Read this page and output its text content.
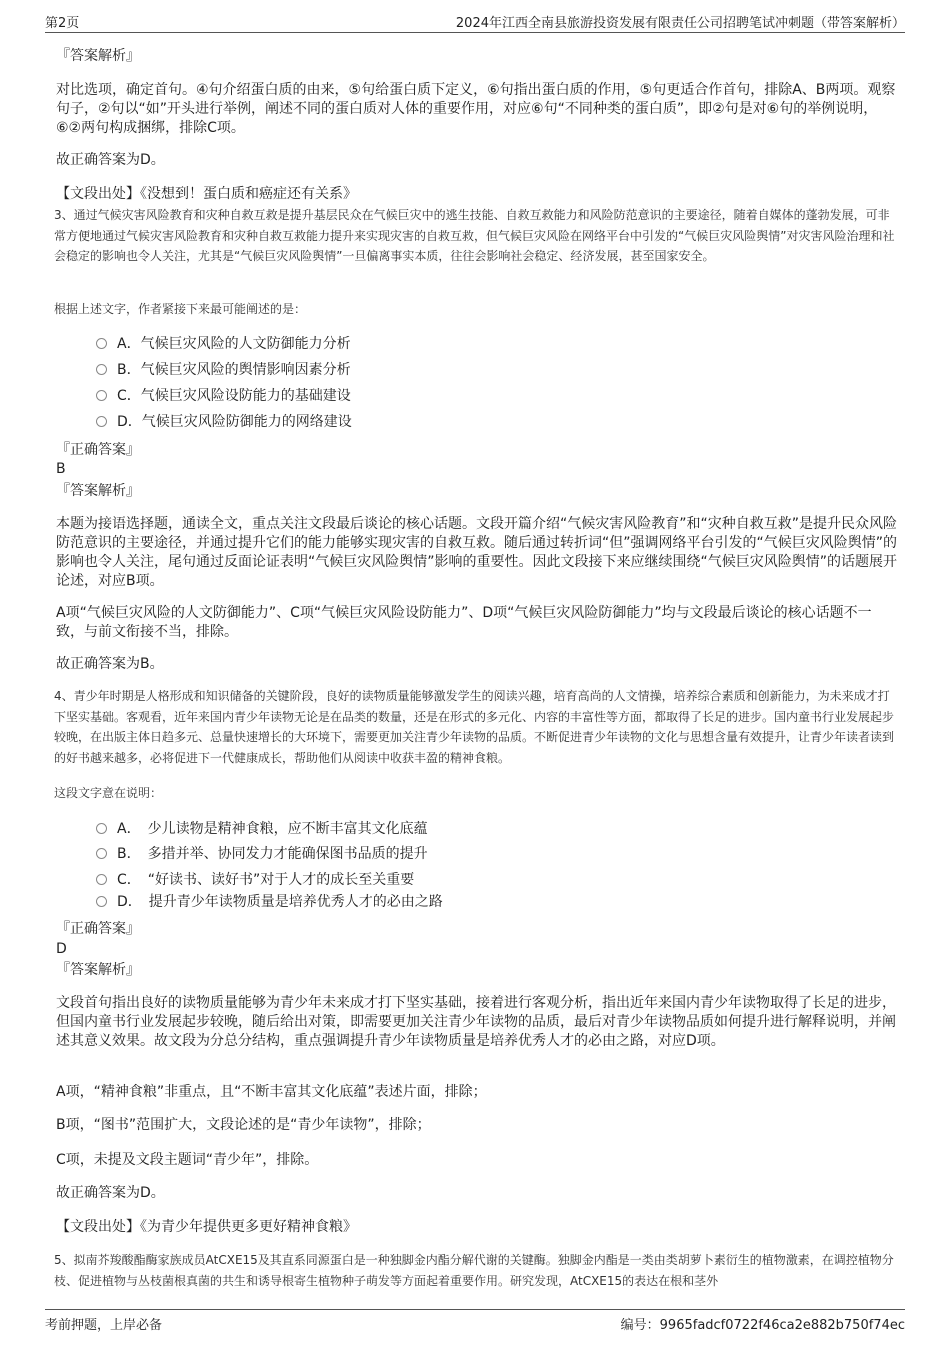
第2页	2024年江西全南县旅游投资发展有限责任公司招聘笔试冲刺题（带答案解析）
『答案解析』
对比选项，确定首句。④句介绍蛋白质的由来，⑤句给蛋白质下定义，⑥句指出蛋白质的作用，⑤句更适合作首句，排除A、B两项。观察句子，②句以“如”开头进行举例，阐述不同的蛋白质对人体的重要作用，对应⑥句“不同种类的蛋白质”，即②句是对⑥句的举例说明，⑥②两句构成捆绑，排除C项。
故正确答案为D。
【文段出处】《没想到！蛋白质和癌症还有关系》
3、通过气候灾害风险教育和灾种自救互救是提升基层民众在气候巨灾中的逃生技能、自救互救能力和风险防范意识的主要途径，随着自媒体的蓬勃发展，可非常方便地通过气候灾害风险教育和灾种自救互救能力提升来实现灾害的自救互救，但气候巨灾风险在网络平台中引发的“气候巨灾风险舆情”对灾害风险治理和社会稳定的影响也令人关注，尤其是“气候巨灾风险舆情”一旦偏离事实本质，往往会影响社会稳定、经济发展，甚至国家安全。
根据上述文字，作者紧接下来最可能阐述的是：
A．气候巨灾风险的人文防御能力分析
B．气候巨灾风险的舆情影响因素分析
C．气候巨灾风险设防能力的基础建设
D．气候巨灾风险防御能力的网络建设
『正确答案』
B
『答案解析』
本题为接语选择题，通读全文，重点关注文段最后谈论的核心话题。文段开篇介绍“气候灾害风险教育”和“灾种自救互救”是提升民众风险防范意识的主要途径，并通过提升它们的能力能够实现灾害的自救互救。随后通过转折词“但”强调网络平台引发的“气候巨灾风险舆情”的影响也令人关注，尾句通过反面论证表明“气候巨灾风险舆情”影响的重要性。因此文段接下来应继续围绕“气候巨灾风险舆情”的话题展开论述，对应B项。
A项“气候巨灾风险的人文防御能力”、C项“气候巨灾风险设防能力”、D项“气候巨灾风险防御能力”均与文段最后谈论的核心话题不一致，与前文衔接不当，排除。
故正确答案为B。
4、青少年时期是人格形成和知识储备的关键阶段，良好的读物质量能够激发学生的阅读兴趣，培育高尚的人文情操，培养综合素质和创新能力，为未来成才打下坚实基础。客观看，近年来国内青少年读物无论是在品类的数量，还是在形式的多元化、内容的丰富性等方面，都取得了长足的进步。国内童书行业发展起步较晚，在出版主体日趋多元、总量快速增长的大环境下，需要更加关注青少年读物的品质。不断促进青少年读物的文化与思想含量有效提升，让青少年读者读到的好书越来越多，必将促进下一代健康成长，帮助他们从阅读中收获丰盈的精神食粮。
这段文字意在说明：
A．　少儿读物是精神食粮，应不断丰富其文化底蕴
B．　多措并举、协同发力才能确保图书品质的提升
C．　“好读书、读好书”对于人才的成长至关重要
D．　提升青少年读物质量是培养优秀人才的必由之路
『正确答案』
D
『答案解析』
文段首句指出良好的读物质量能够为青少年未来成才打下坚实基础，接着进行客观分析，指出近年来国内青少年读物取得了长足的进步，但国内童书行业发展起步较晚，随后给出对策，即需要更加关注青少年读物的品质，最后对青少年读物品质如何提升进行解释说明，并阐述其意义效果。故文段为分总分结构，重点强调提升青少年读物质量是培养优秀人才的必由之路，对应D项。
A项，“精神食粮”非重点，且“不断丰富其文化底蕴”表述片面，排除；
B项，“图书”范围扩大，文段论述的是“青少年读物”，排除；
C项，未提及文段主题词“青少年”，排除。
故正确答案为D。
【文段出处】《为青少年提供更多更好精神食粮》
5、拟南芥羧酸酯酶家族成员AtCXE15及其直系同源蛋白是一种独脚金内酯分解代谢的关键酶。独脚金内酯是一类由类胡萝卜素衍生的植物激素，在调控植物分枝、促进植物与丛枝菌根真菌的共生和诱导根寄生植物种子萌发等方面起着重要作用。研究发现，AtCXE15的表达在根和茎外
考前押题，上岸必备	编号：9965fadcf0722f46ca2e882b750f74ec
